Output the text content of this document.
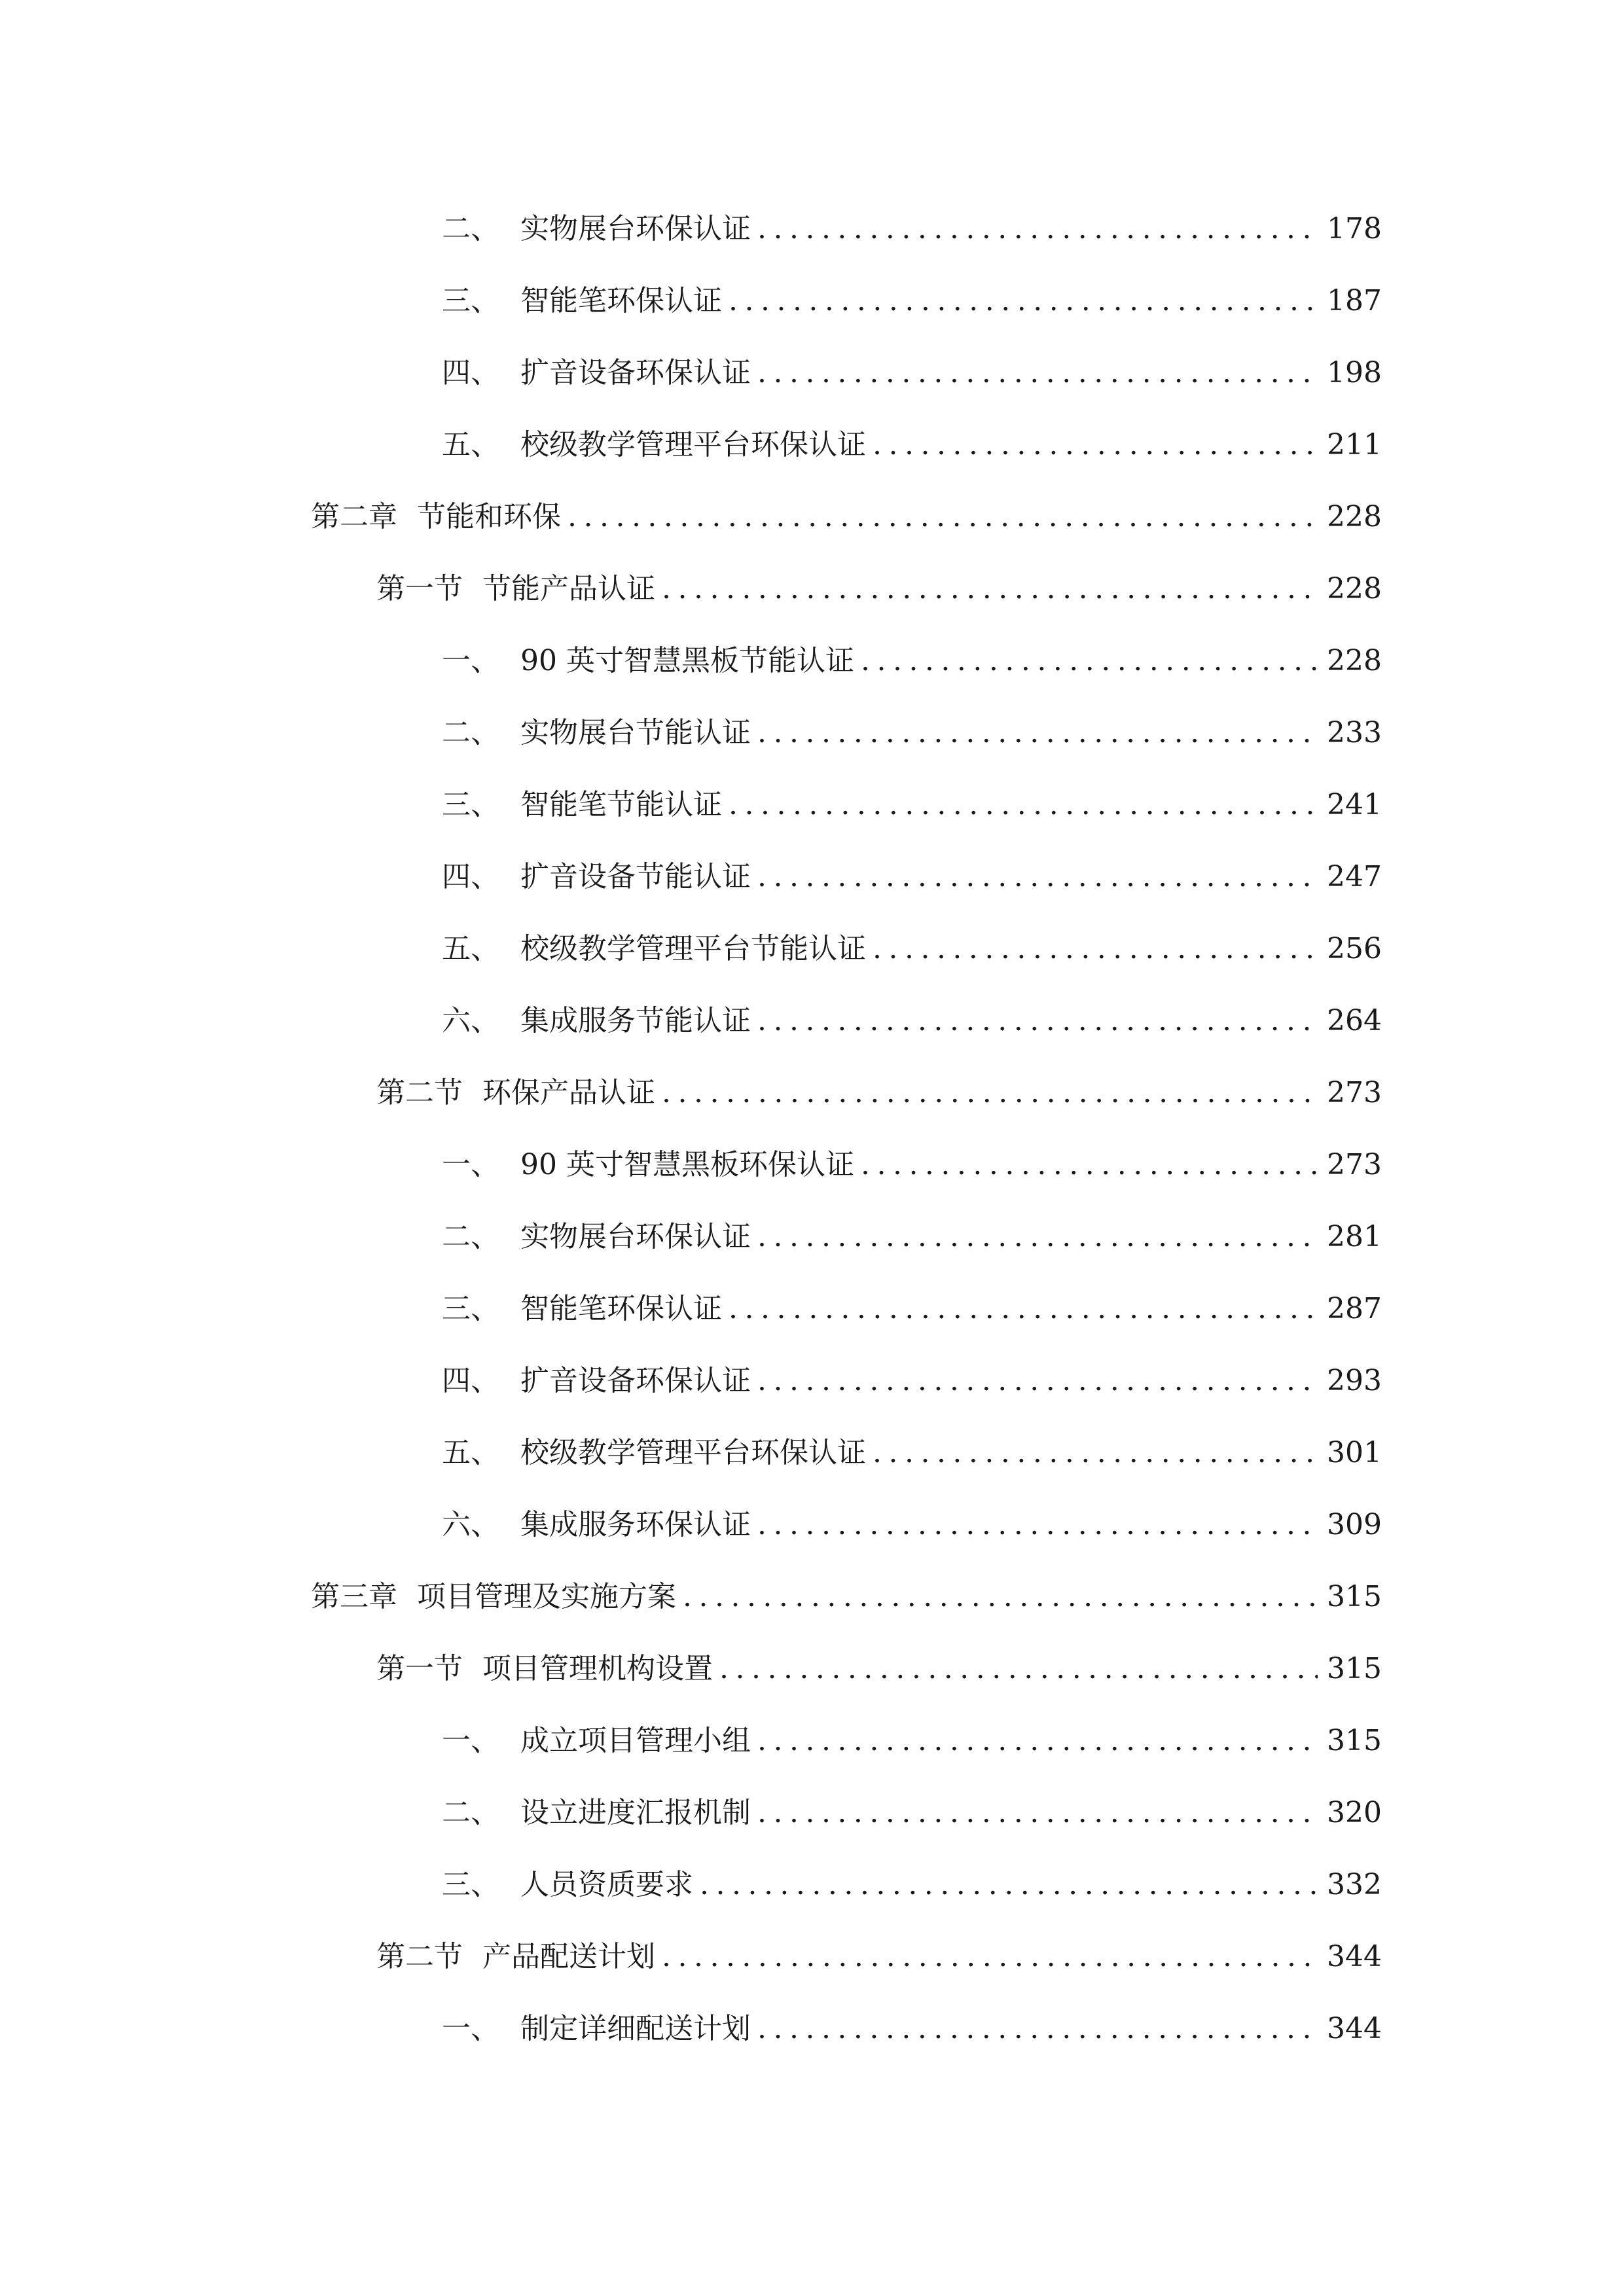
二、 实物展台环保认证 .....	178
三、 智能笔环保认证 .....	187
四、 扩音设备环保认证 .....	198
五、 校级教学管理平台环保认证 .....	211
第二章 节能和环保 .....	228
第一节 节能产品认证 .....	228
一、 90 英寸智慧黑板节能认证 .....	228
二、 实物展台节能认证 .....	233
三、 智能笔节能认证 .....	241
四、 扩音设备节能认证 .....	247
五、 校级教学管理平台节能认证 .....	256
六、 集成服务节能认证 .....	264
第二节 环保产品认证 .....	273
一、 90 英寸智慧黑板环保认证 .....	273
二、 实物展台环保认证 .....	281
三、 智能笔环保认证 .....	287
四、 扩音设备环保认证 .....	293
五、 校级教学管理平台环保认证 .....	301
六、 集成服务环保认证 .....	309
第三章 项目管理及实施方案 .....	315
第一节 项目管理机构设置 .....	315
一、 成立项目管理小组 .....	315
二、 设立进度汇报机制 .....	320
三、 人员资质要求 .....	332
第二节 产品配送计划 .....	344
一、 制定详细配送计划 .....	344
